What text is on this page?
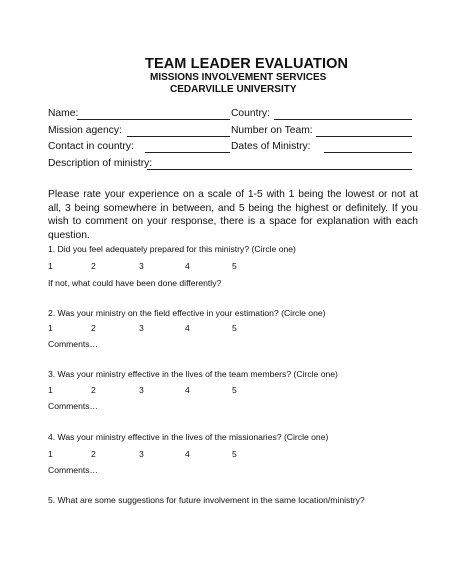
TEAM LEADER EVALUATION
MISSIONS INVOLVEMENT SERVICES
CEDARVILLE UNIVERSITY
Name:	Country:
Mission agency:	Number on Team:
Contact in country:	Dates of Ministry:
Description of ministry:
Please rate your experience on a scale of 1-5 with 1 being the lowest or not at all, 3 being somewhere in between, and 5 being the highest or definitely. If you wish to comment on your response, there is a space for explanation with each question.
1. Did you feel adequately prepared for this ministry? (Circle one)
1	2	3	4	5
If not, what could have been done differently?
2. Was your ministry on the field effective in your estimation? (Circle one)
1	2	3	4	5
Comments…
3. Was your ministry effective in the lives of the team members? (Circle one)
1	2	3	4	5
Comments…
4. Was your ministry effective in the lives of the missionaries? (Circle one)
1	2	3	4	5
Comments…
5. What are some suggestions for future involvement in the same location/ministry?
